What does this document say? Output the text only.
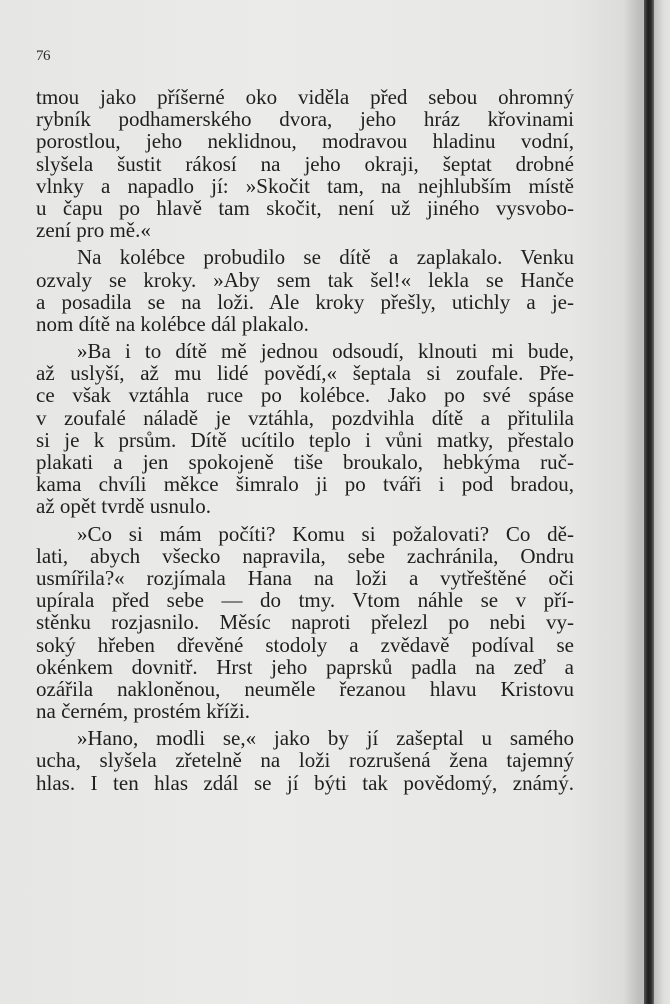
76
tmou jako příšerné oko viděla před sebou ohromný
rybník podhamerského dvora, jeho hráz křovinami
porostlou, jeho neklidnou, modravou hladinu vodní,
slyšela šustit rákosí na jeho okraji, šeptat drobné
vlnky a napadlo jí: »Skočit tam, na nejhlubším místě
u čapu po hlavě tam skočit, není už jiného vysvobo-
zení pro mě.«
Na kolébce probudilo se dítě a zaplakalo. Venku
ozvaly se kroky. »Aby sem tak šel!« lekla se Hanče
a posadila se na loži. Ale kroky přešly, utichly a je-
nom dítě na kolébce dál plakalo.
»Ba i to dítě mě jednou odsoudí, klnouti mi bude,
až uslyší, až mu lidé povědí,« šeptala si zoufale. Pře-
ce však vztáhla ruce po kolébce. Jako po své spáse
v zoufalé náladě je vztáhla, pozdvihla dítě a přitulila
si je k prsům. Dítě ucítilo teplo i vůni matky, přestalo
plakati a jen spokojeně tiše broukalo, hebkýma ruč-
kama chvíli měkce šimralo ji po tváři i pod bradou,
až opět tvrdě usnulo.
»Co si mám počíti? Komu si požalovati? Co dě-
lati, abych všecko napravila, sebe zachránila, Ondru
usmířila?« rozjímala Hana na loži a vytřeštěné oči
upírala před sebe — do tmy. Vtom náhle se v pří-
stěnku rozjasnilo. Měsíc naproti přelezl po nebi vy-
soký hřeben dřevěné stodoly a zvědavě podíval se
okénkem dovnitř. Hrst jeho paprsků padla na zeď a
ozářila nakloněnou, neuměle řezanou hlavu Kristovu
na černém, prostém kříži.
»Hano, modli se,« jako by jí zašeptal u samého
ucha, slyšela zřetelně na loži rozrušená žena tajemný
hlas. I ten hlas zdál se jí býti tak povědomý, známý.
